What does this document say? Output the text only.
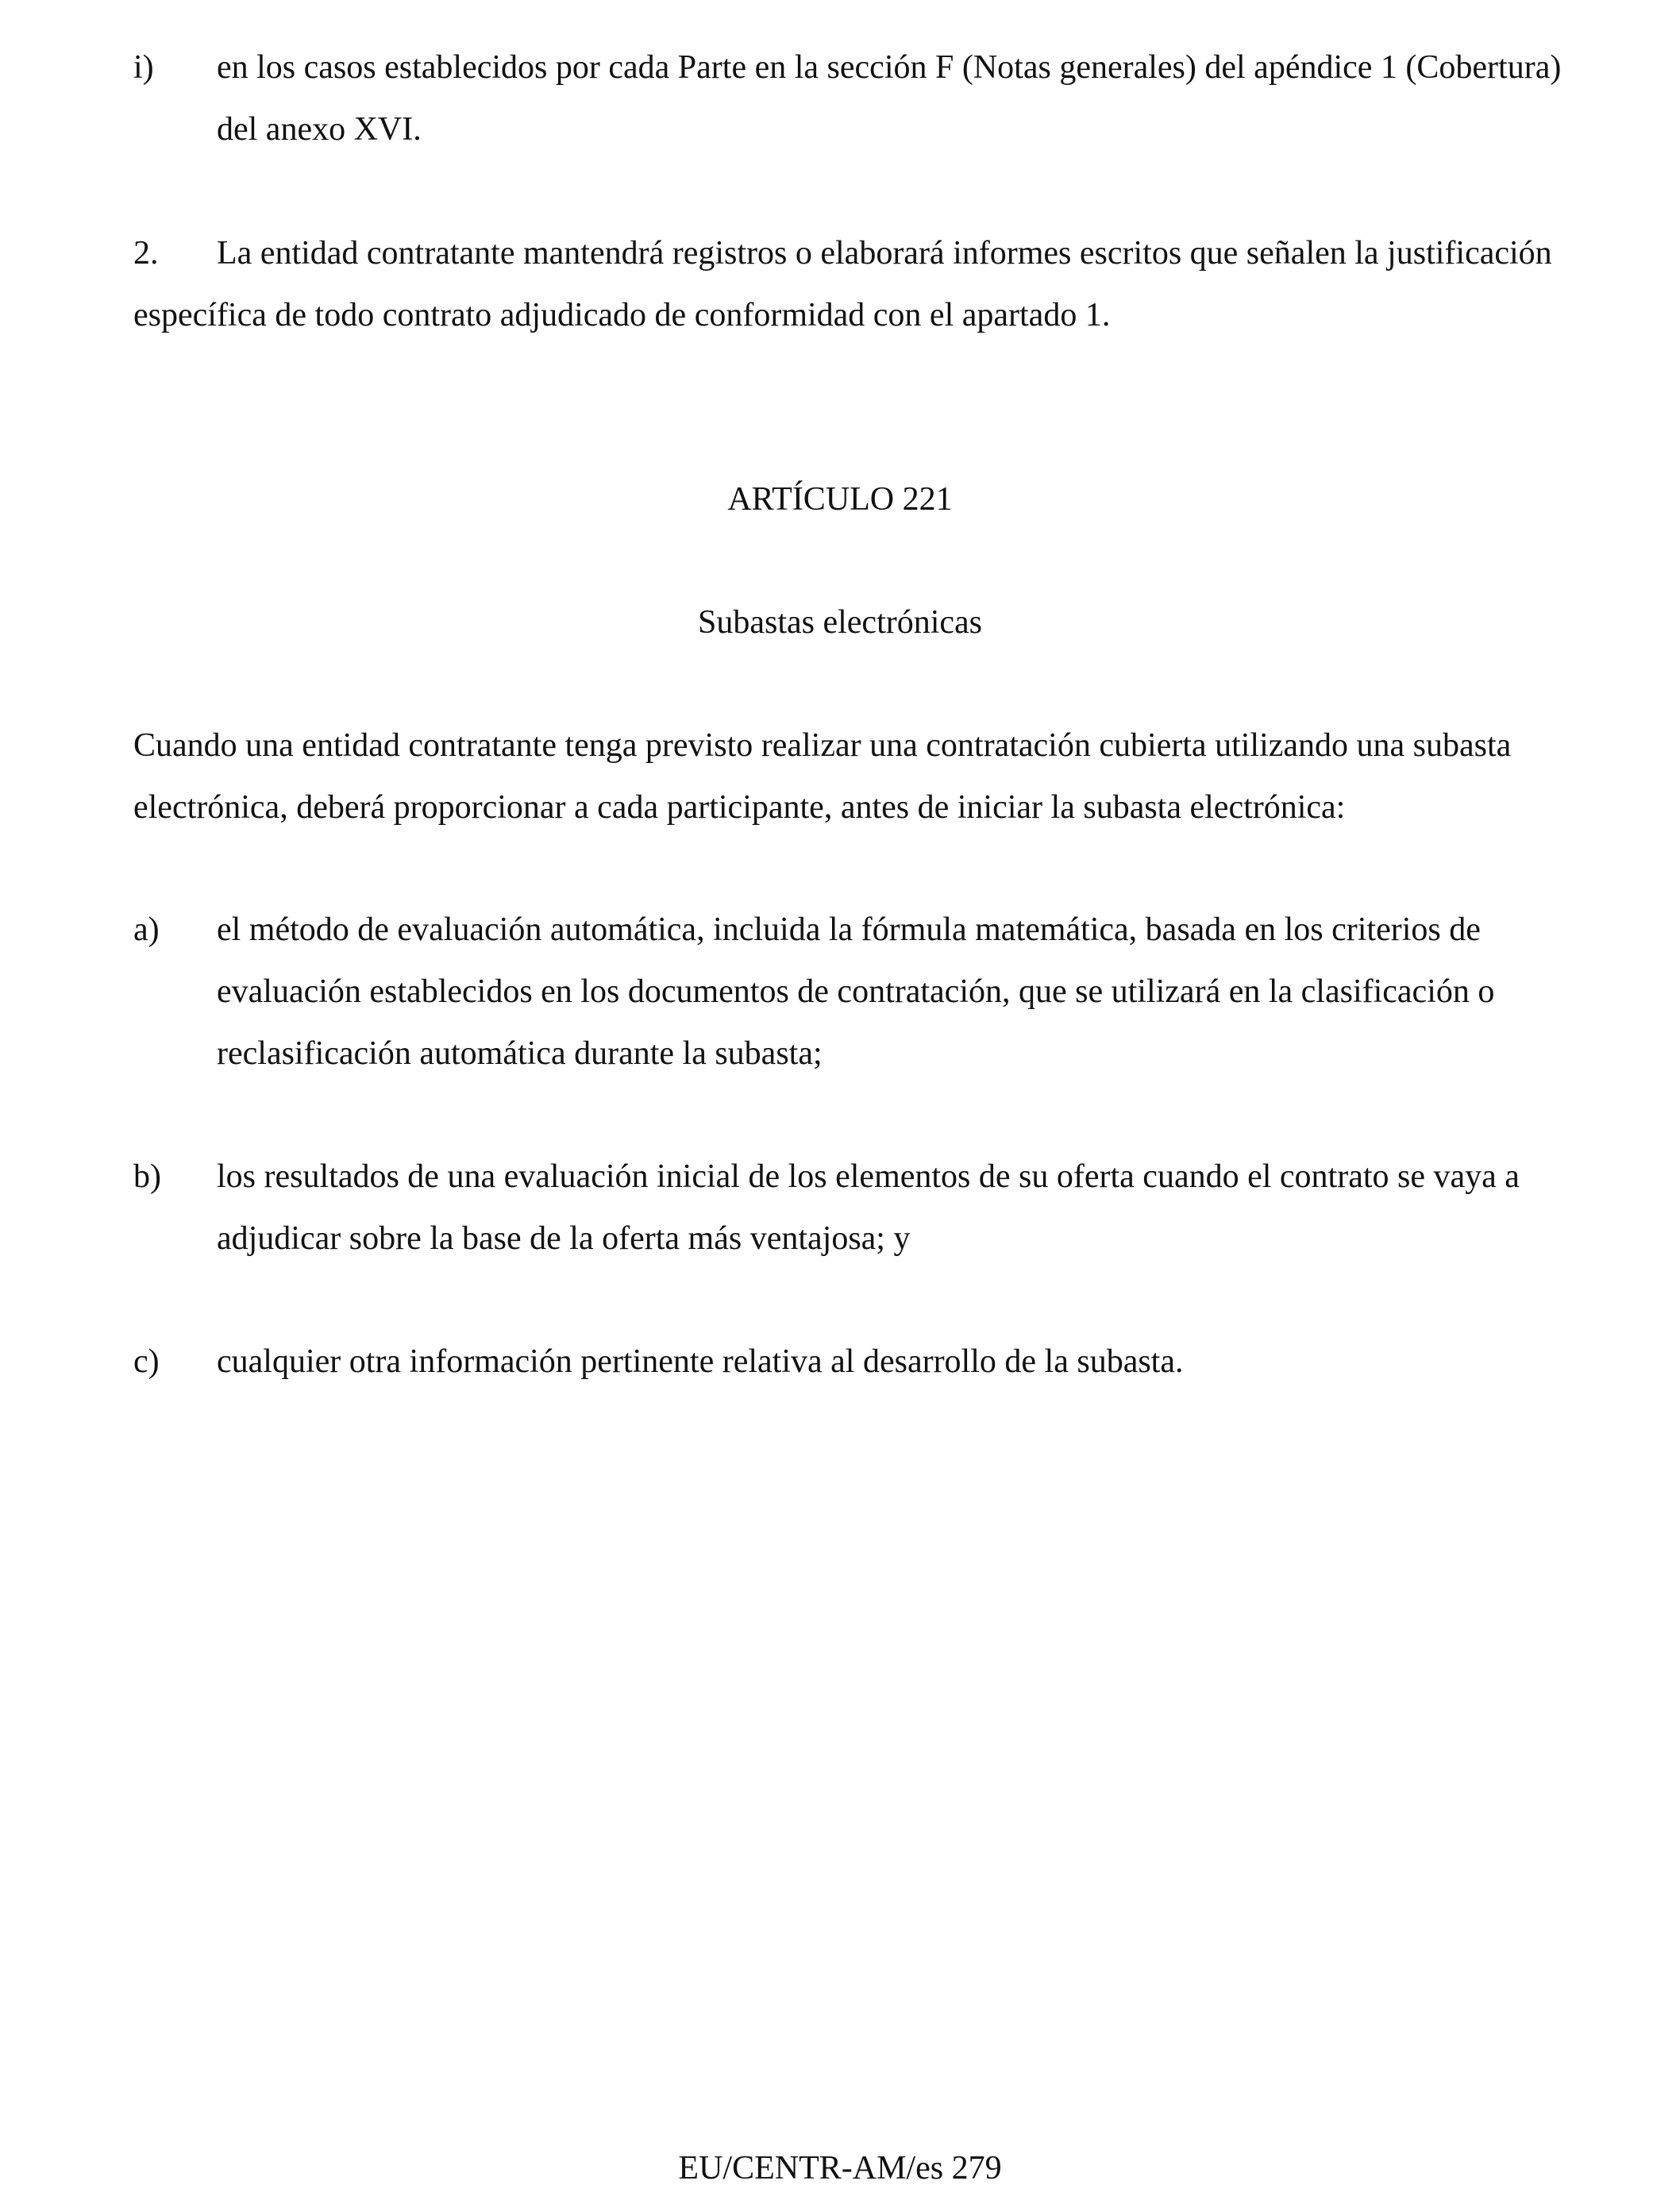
i)	en los casos establecidos por cada Parte en la sección F (Notas generales) del apéndice 1 (Cobertura) del anexo XVI.
2. La entidad contratante mantendrá registros o elaborará informes escritos que señalen la justificación específica de todo contrato adjudicado de conformidad con el apartado 1.
ARTÍCULO 221
Subastas electrónicas
Cuando una entidad contratante tenga previsto realizar una contratación cubierta utilizando una subasta electrónica, deberá proporcionar a cada participante, antes de iniciar la subasta electrónica:
a)	el método de evaluación automática, incluida la fórmula matemática, basada en los criterios de evaluación establecidos en los documentos de contratación, que se utilizará en la clasificación o reclasificación automática durante la subasta;
b)	los resultados de una evaluación inicial de los elementos de su oferta cuando el contrato se vaya a adjudicar sobre la base de la oferta más ventajosa; y
c)	cualquier otra información pertinente relativa al desarrollo de la subasta.
EU/CENTR-AM/es 279
